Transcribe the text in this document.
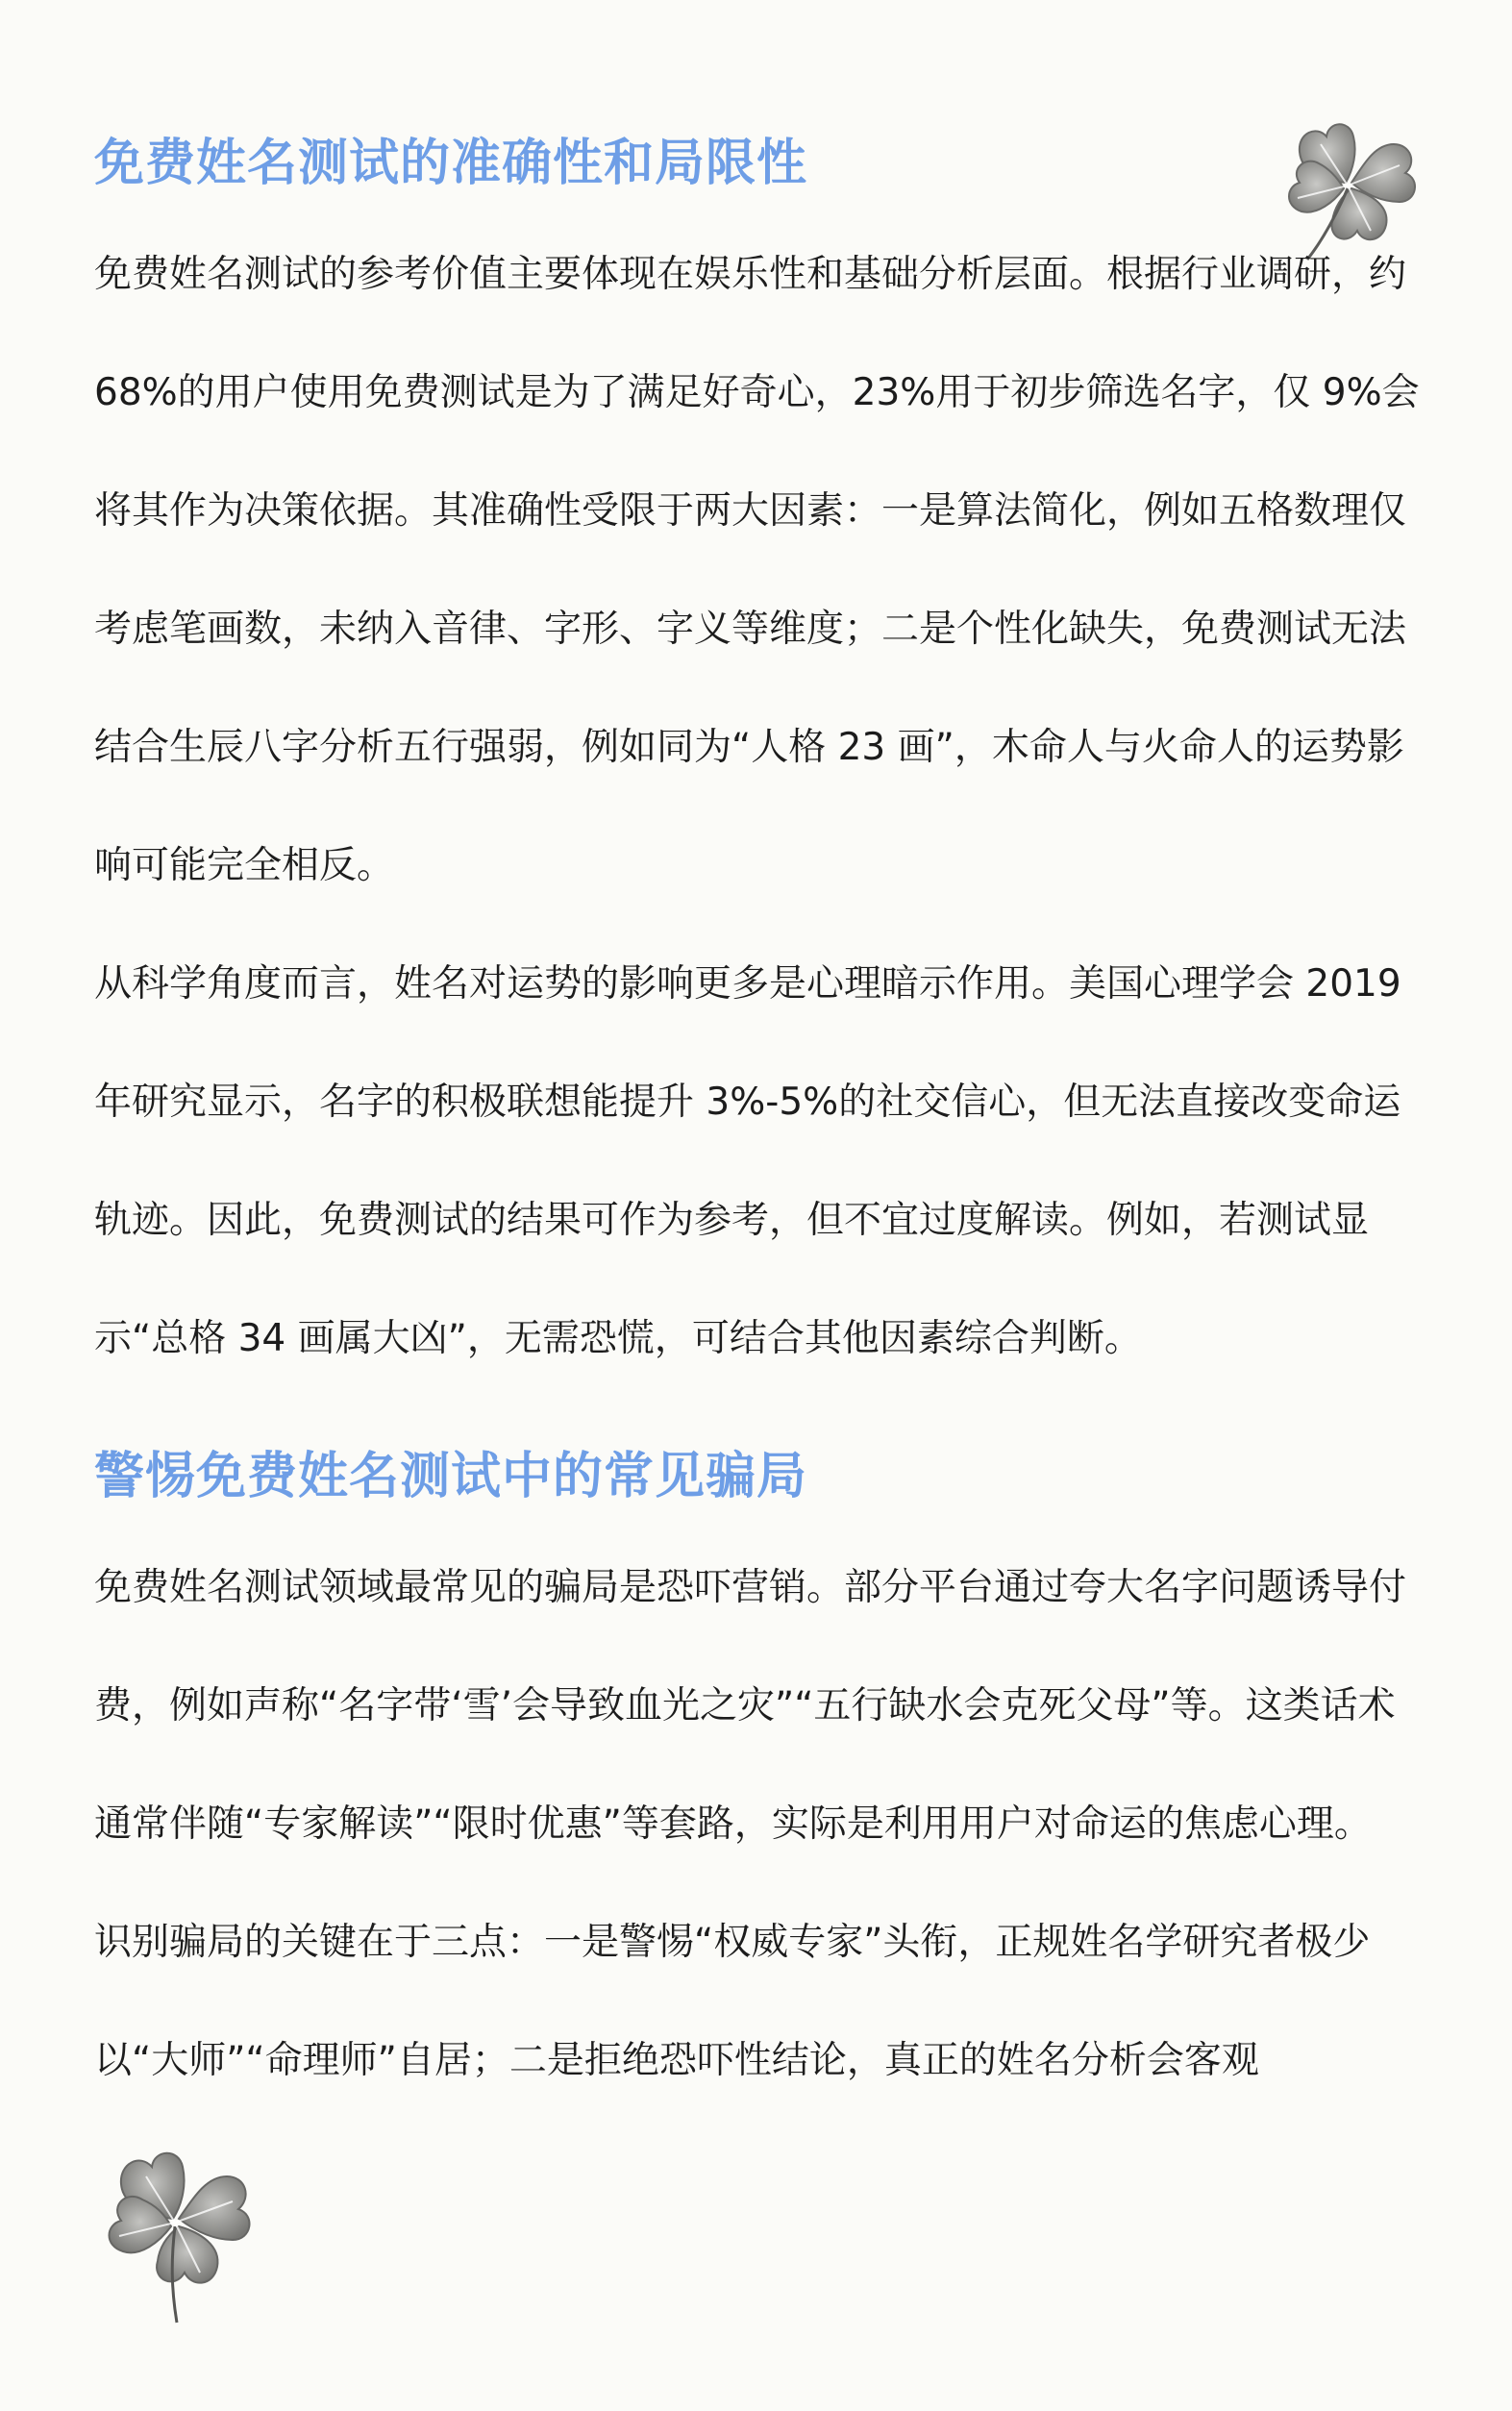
免费姓名测试的准确性和局限性

免费姓名测试的参考价值主要体现在娱乐性和基础分析层面。根据行业调研，约 68%的用户使用免费测试是为了满足好奇心，23%用于初步筛选名字，仅 9%会将其作为决策依据。其准确性受限于两大因素：一是算法简化，例如五格数理仅考虑笔画数，未纳入音律、字形、字义等维度；二是个性化缺失，免费测试无法结合生辰八字分析五行强弱，例如同为“人格 23 画”，木命人与火命人的运势影响可能完全相反。

从科学角度而言，姓名对运势的影响更多是心理暗示作用。美国心理学会 2019 年研究显示，名字的积极联想能提升 3%-5%的社交信心，但无法直接改变命运轨迹。因此，免费测试的结果可作为参考，但不宜过度解读。例如，若测试显示“总格 34 画属大凶”，无需恐慌，可结合其他因素综合判断。

警惕免费姓名测试中的常见骗局

免费姓名测试领域最常见的骗局是恐吓营销。部分平台通过夸大名字问题诱导付费，例如声称“名字带‘雪’会导致血光之灾”“五行缺水会克死父母”等。这类话术通常伴随“专家解读”“限时优惠”等套路，实际是利用用户对命运的焦虑心理。

识别骗局的关键在于三点：一是警惕“权威专家”头衔，正规姓名学研究者极少以“大师”“命理师”自居；二是拒绝恐吓性结论，真正的姓名分析会客观
